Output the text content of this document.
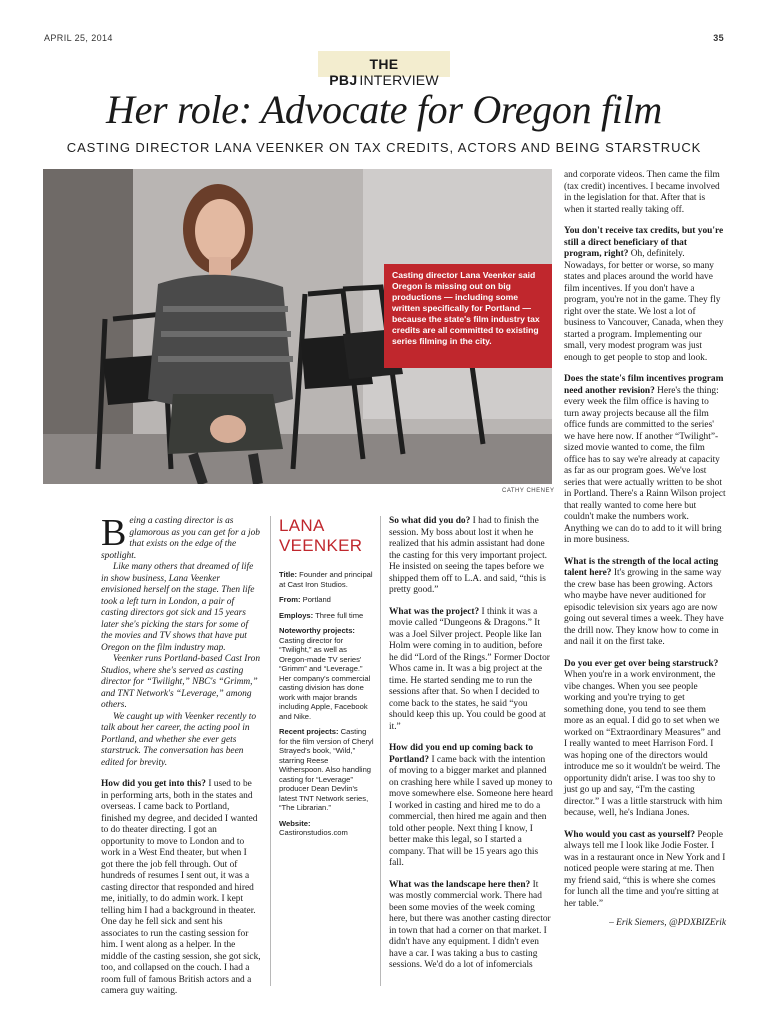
APRIL 25, 2014	35
THE PBJ INTERVIEW
Her role: Advocate for Oregon film
CASTING DIRECTOR LANA VEENKER ON TAX CREDITS, ACTORS AND BEING STARSTRUCK
Casting director Lana Veenker said Oregon is missing out on big productions — including some written specifically for Portland — because the state's film industry tax credits are all committed to existing series filming in the city.
CATHY CHENEY

Being a casting director is as glamorous as you can get for a job that exists on the edge of the spotlight.

Like many others that dreamed of life in show business, Lana Veenker envisioned herself on the stage. Then life took a left turn in London, a pair of casting directors got sick and 15 years later she's picking the stars for some of the movies and TV shows that have put Oregon on the film industry map.

Veenker runs Portland-based Cast Iron Studios, where she's served as casting director for “Twilight,” NBC's “Grimm,” and TNT Network's “Leverage,” among others.

We caught up with Veenker recently to talk about her career, the acting pool in Portland, and whether she ever gets starstruck. The conversation has been edited for brevity.

How did you get into this? I used to be in performing arts, both in the states and overseas. I came back to Portland, finished my degree, and decided I wanted to do theater directing. I got an opportunity to move to London and to work in a West End theater, but when I got there the job fell through. Out of hundreds of resumes I sent out, it was a casting director that responded and hired me, initially, to do admin work. I kept telling him I had a background in theater. One day he fell sick and sent his associates to run the casting session for him. I went along as a helper. In the middle of the casting session, she got sick, too, and collapsed on the couch. I had a room full of famous British actors and a camera guy waiting.

LANA VEENKER
Title: Founder and principal at Cast Iron Studios.
From: Portland
Employs: Three full time
Noteworthy projects: Casting director for “Twilight,” as well as Oregon-made TV series' “Grimm” and “Leverage.” Her company's commercial casting division has done work with major brands including Apple, Facebook and Nike.
Recent projects: Casting for the film version of Cheryl Strayed's book, “Wild,” starring Reese Witherspoon. Also handling casting for “Leverage” producer Dean Devlin's latest TNT Network series, “The Librarian.”
Website: Castironstudios.com

So what did you do? I had to finish the session. My boss about lost it when he realized that his admin assistant had done the casting for this very important project. He insisted on seeing the tapes before we shipped them off to L.A. and said, “this is pretty good.”

What was the project? I think it was a movie called “Dungeons & Dragons.” It was a Joel Silver project. People like Ian Holm were coming in to audition, before he did “Lord of the Rings.” Former Doctor Whos came in. It was a big project at the time. He started sending me to run the sessions after that. So when I decided to come back to the states, he said “you should keep this up. You could be good at it.”

How did you end up coming back to Portland? I came back with the intention of moving to a bigger market and planned on crashing here while I saved up money to move somewhere else. Someone here heard I worked in casting and hired me to do a commercial, then hired me again and then told other people. Next thing I know, I better make this legal, so I started a company. That will be 15 years ago this fall.

What was the landscape here then? It was mostly commercial work. There had been some movies of the week coming here, but there was another casting director in town that had a corner on that market. I didn't have any equipment. I didn't even have a car. I was taking a bus to casting sessions. We'd do a lot of infomercials

and corporate videos. Then came the film (tax credit) incentives. I became involved in the legislation for that. After that is when it started really taking off.

You don't receive tax credits, but you're still a direct beneficiary of that program, right? Oh, definitely. Nowadays, for better or worse, so many states and places around the world have film incentives. If you don't have a program, you're not in the game. They fly right over the state. We lost a lot of business to Vancouver, Canada, when they started a program. Implementing our small, very modest program was just enough to get people to stop and look.

Does the state's film incentives program need another revision? Here's the thing: every week the film office is having to turn away projects because all the film office funds are committed to the series' we have here now. If another “Twilight”-sized movie wanted to come, the film office has to say we're already at capacity as far as our program goes. We've lost series that were actually written to be shot in Portland. There's a Rainn Wilson project that really wanted to come here but couldn't make the numbers work. Anything we can do to add to it will bring in more business.

What is the strength of the local acting talent here? It's growing in the same way the crew base has been growing. Actors who maybe have never auditioned for episodic television six years ago are now going out several times a week. They have the drill now. They know how to come in and nail it on the first take.

Do you ever get over being starstruck? When you're in a work environment, the vibe changes. When you see people working and you're trying to get something done, you tend to see them more as an equal. I did go to set when we worked on “Extraordinary Measures” and I really wanted to meet Harrison Ford. I was hoping one of the directors would introduce me so it wouldn't be weird. The opportunity didn't arise. I was too shy to just go up and say, “I'm the casting director.” I was a little starstruck with him because, well, he's Indiana Jones.

Who would you cast as yourself? People always tell me I look like Jodie Foster. I was in a restaurant once in New York and I noticed people were staring at me. Then my friend said, “this is where she comes for lunch all the time and you're sitting at her table.”

– Erik Siemers, @PDXBIZErik
